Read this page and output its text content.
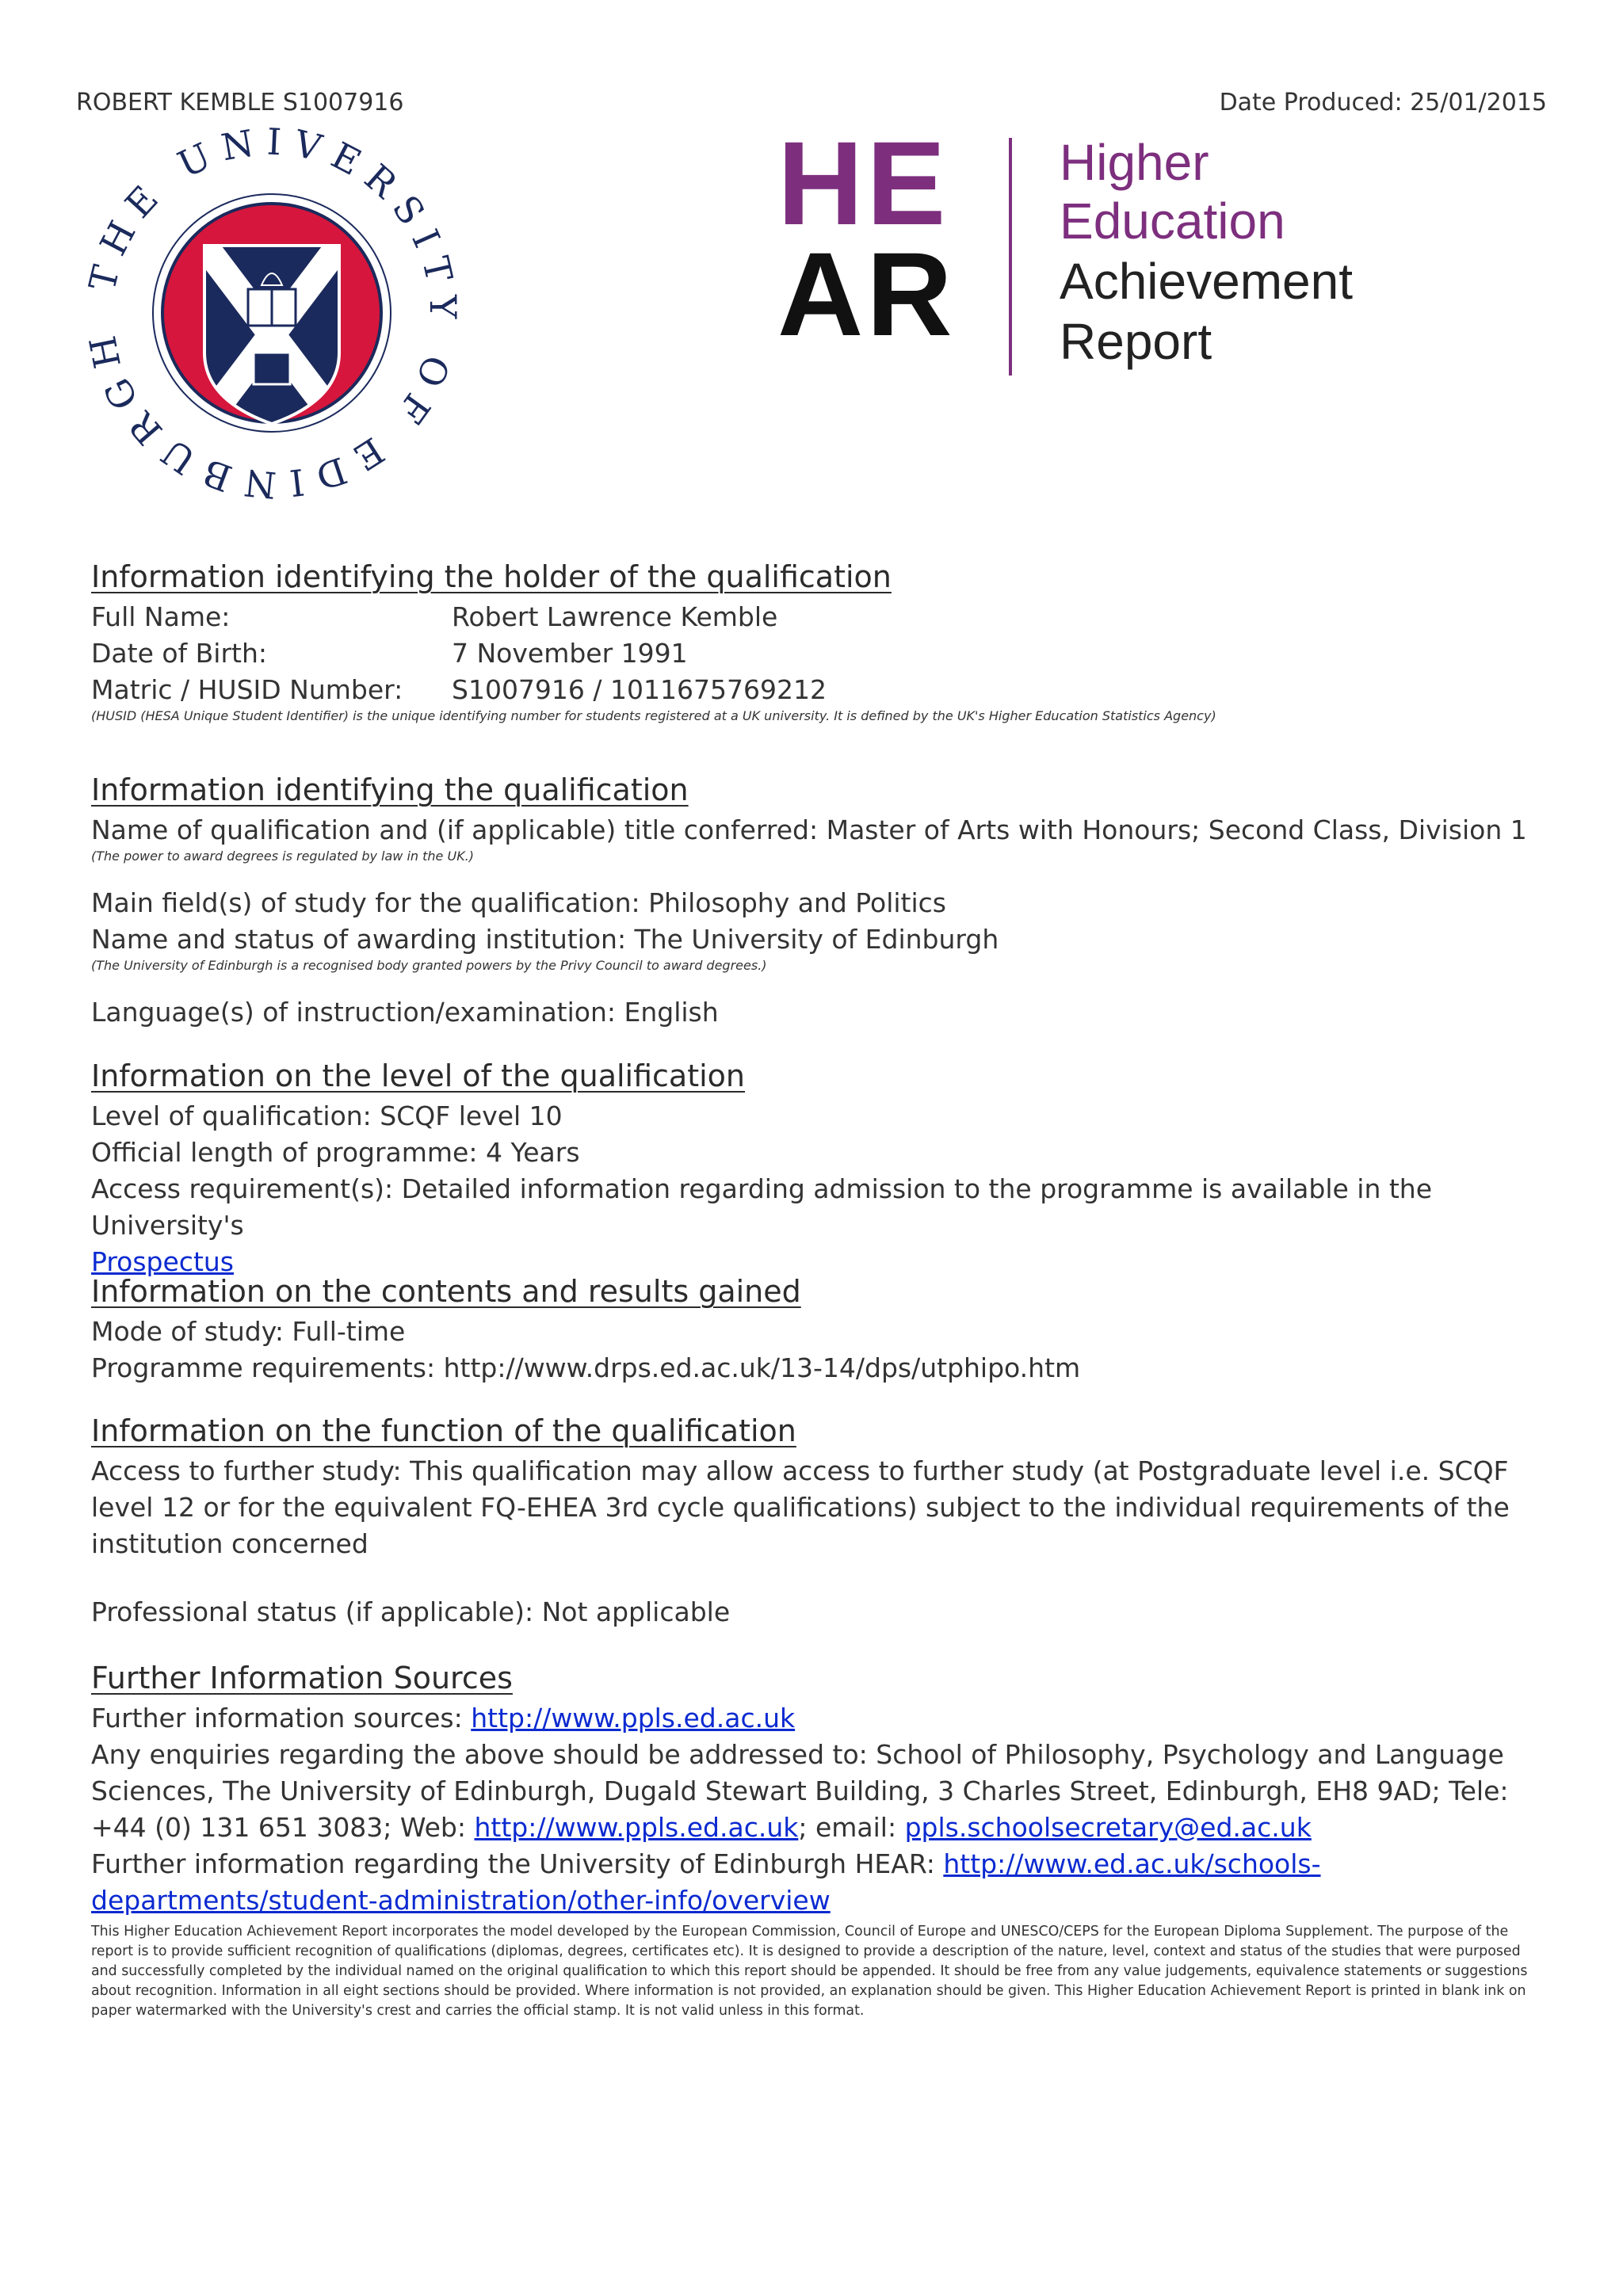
ROBERT KEMBLE S1007916	Date Produced: 25/01/2015
HE UNIVERSI OF EDINBURG
HE
AR
Higher
Education
Achievement
Report
Information identifying the holder of the qualification
Full Name:	Robert Lawrence Kemble
Date of Birth:	7 November 1991
Matric / HUSID Number:	S1007916 / 1011675769212

(HUSID (HESA Unique Student Identifier) is the unique identifying number for students registered at a UK university. It is defined by the UK's Higher Education Statistics Agency)

Information identifying the qualification

Name of qualification and (if applicable) title conferred: Master of Arts with Honours; Second Class, Division 1

(The power to award degrees is regulated by law in the UK.)

Main field(s) of study for the qualification: Philosophy and Politics

Name and status of awarding institution: The University of Edinburgh

(The University of Edinburgh is a recognised body granted powers by the Privy Council to award degrees.)

Language(s) of instruction/examination: English

Information on the level of the qualification

Level of qualification: SCQF level 10

Official length of programme: 4 Years

Access requirement(s): Detailed information regarding admission to the programme is available in the University's
Prospectus

Information on the contents and results gained

Mode of study: Full-time

Programme requirements: http://www.drps.ed.ac.uk/13-14/dps/utphipo.htm

Information on the function of the qualification

Access to further study: This qualification may allow access to further study (at Postgraduate level i.e. SCQF level 12 or for the equivalent FQ-EHEA 3rd cycle qualifications) subject to the individual requirements of the institution concerned

Professional status (if applicable): Not applicable

Further Information Sources

Further information sources: http://www.ppls.ed.ac.uk

Any enquiries regarding the above should be addressed to: School of Philosophy, Psychology and Language Sciences, The University of Edinburgh, Dugald Stewart Building, 3 Charles Street, Edinburgh, EH8 9AD; Tele: +44 (0) 131 651 3083; Web: http://www.ppls.ed.ac.uk; email: ppls.schoolsecretary@ed.ac.uk

Further information regarding the University of Edinburgh HEAR: http://www.ed.ac.uk/schools-departments/student-administration/other-info/overview

This Higher Education Achievement Report incorporates the model developed by the European Commission, Council of Europe and UNESCO/CEPS for the European Diploma Supplement. The purpose of the report is to provide sufficient recognition of qualifications (diplomas, degrees, certificates etc). It is designed to provide a description of the nature, level, context and status of the studies that were purposed and successfully completed by the individual named on the original qualification to which this report should be appended. It should be free from any value judgements, equivalence statements or suggestions about recognition. Information in all eight sections should be provided. Where information is not provided, an explanation should be given. This Higher Education Achievement Report is printed in blank ink on paper watermarked with the University's crest and carries the official stamp. It is not valid unless in this format.
